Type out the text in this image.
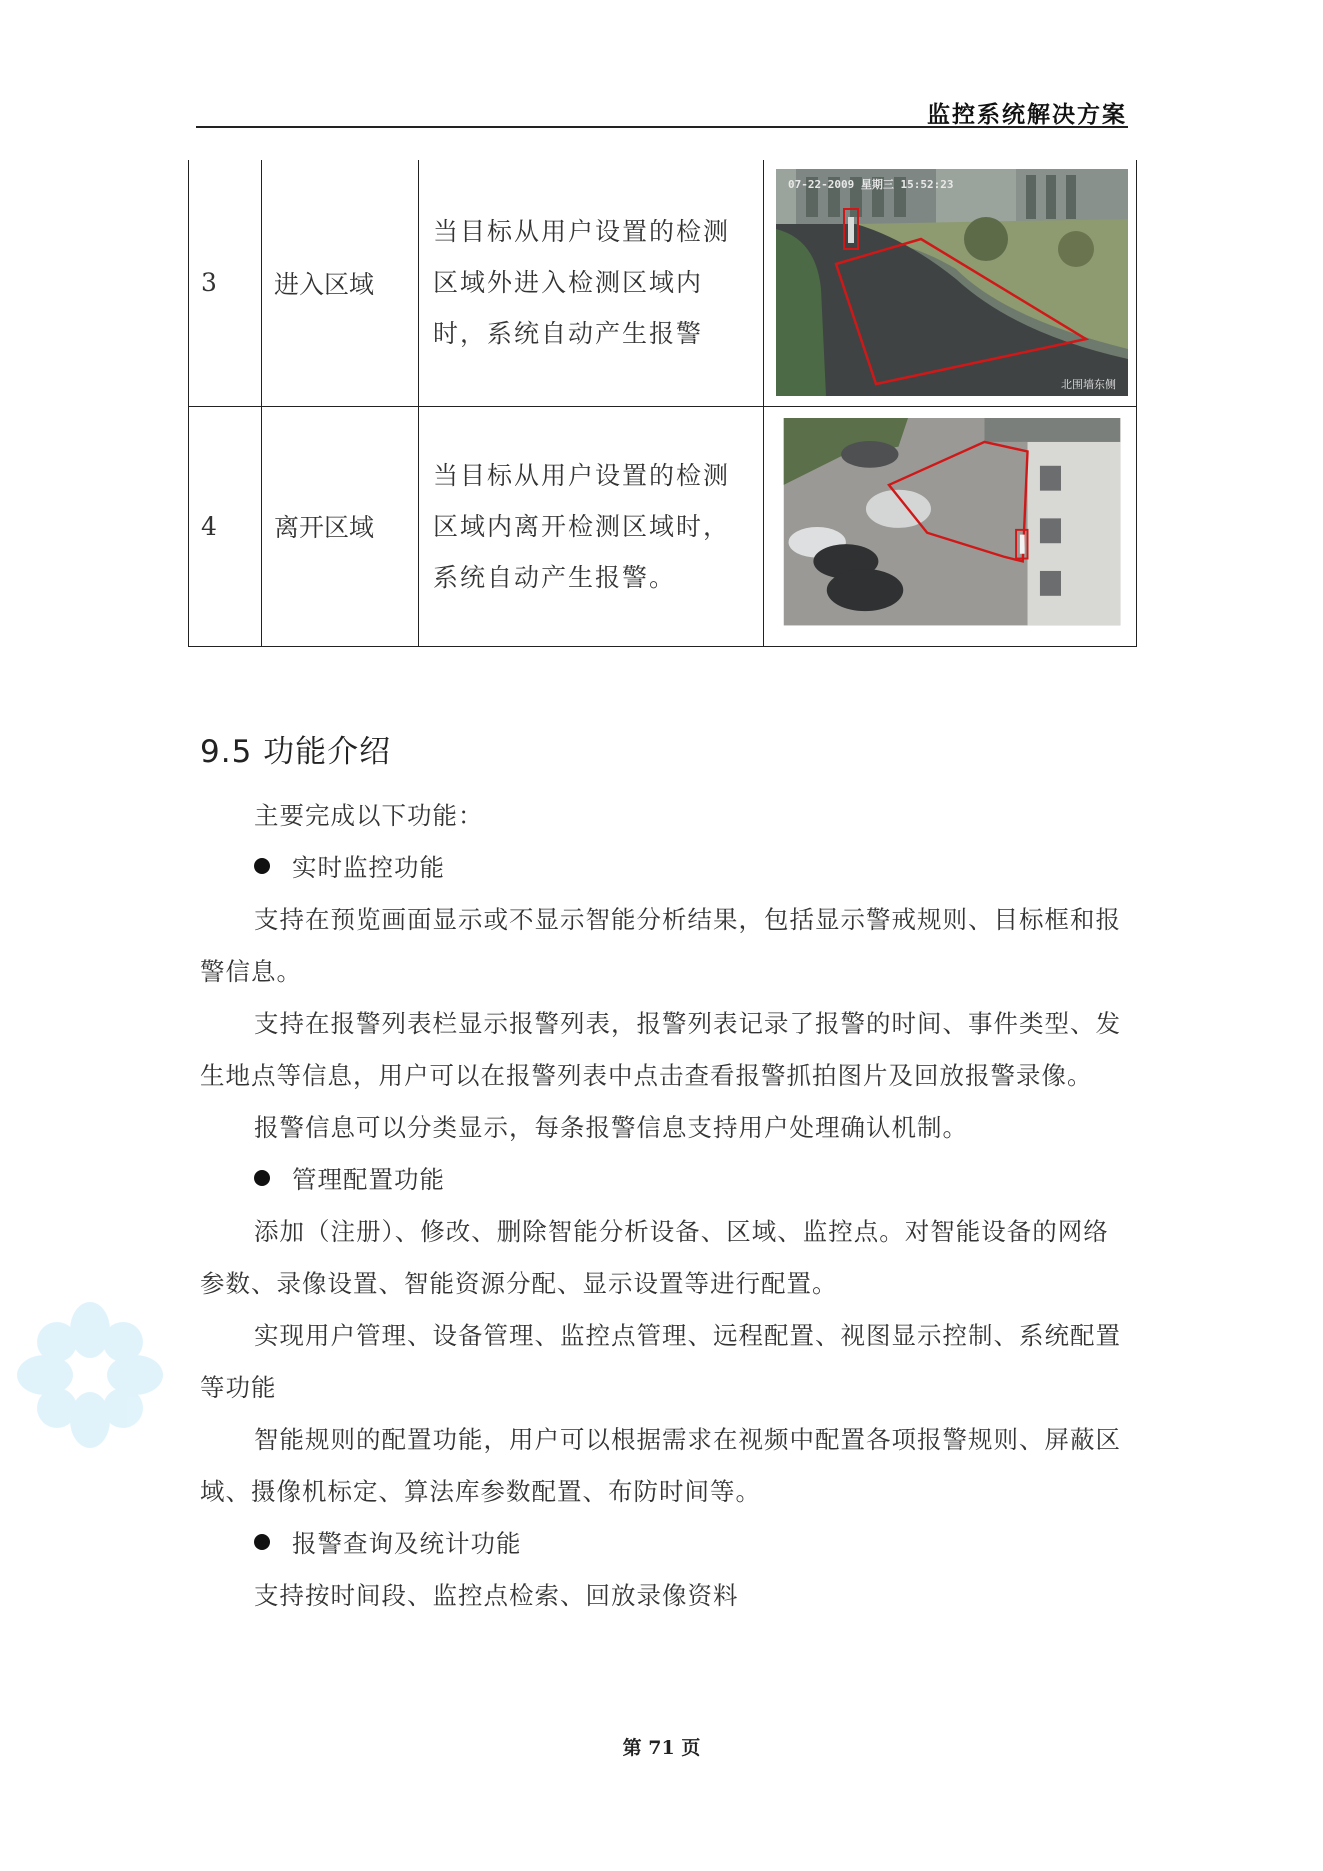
监控系统解决方案
3	进入区域	当目标从用户设置的检测区域外进入检测区域内时，系统自动产生报警	07-22-2009 星期三 15:52:23
北围墙东侧

4	离开区域	当目标从用户设置的检测区域内离开检测区域时，系统自动产生报警。	
9.5 功能介绍

主要完成以下功能：

实时监控功能

支持在预览画面显示或不显示智能分析结果，包括显示警戒规则、目标框和报警信息。

支持在报警列表栏显示报警列表，报警列表记录了报警的时间、事件类型、发生地点等信息，用户可以在报警列表中点击查看报警抓拍图片及回放报警录像。

报警信息可以分类显示，每条报警信息支持用户处理确认机制。

管理配置功能

添加（注册）、修改、删除智能分析设备、区域、监控点。对智能设备的网络参数、录像设置、智能资源分配、显示设置等进行配置。

实现用户管理、设备管理、监控点管理、远程配置、视图显示控制、系统配置等功能

智能规则的配置功能，用户可以根据需求在视频中配置各项报警规则、屏蔽区域、摄像机标定、算法库参数配置、布防时间等。

报警查询及统计功能

支持按时间段、监控点检索、回放录像资料

第 71 页
